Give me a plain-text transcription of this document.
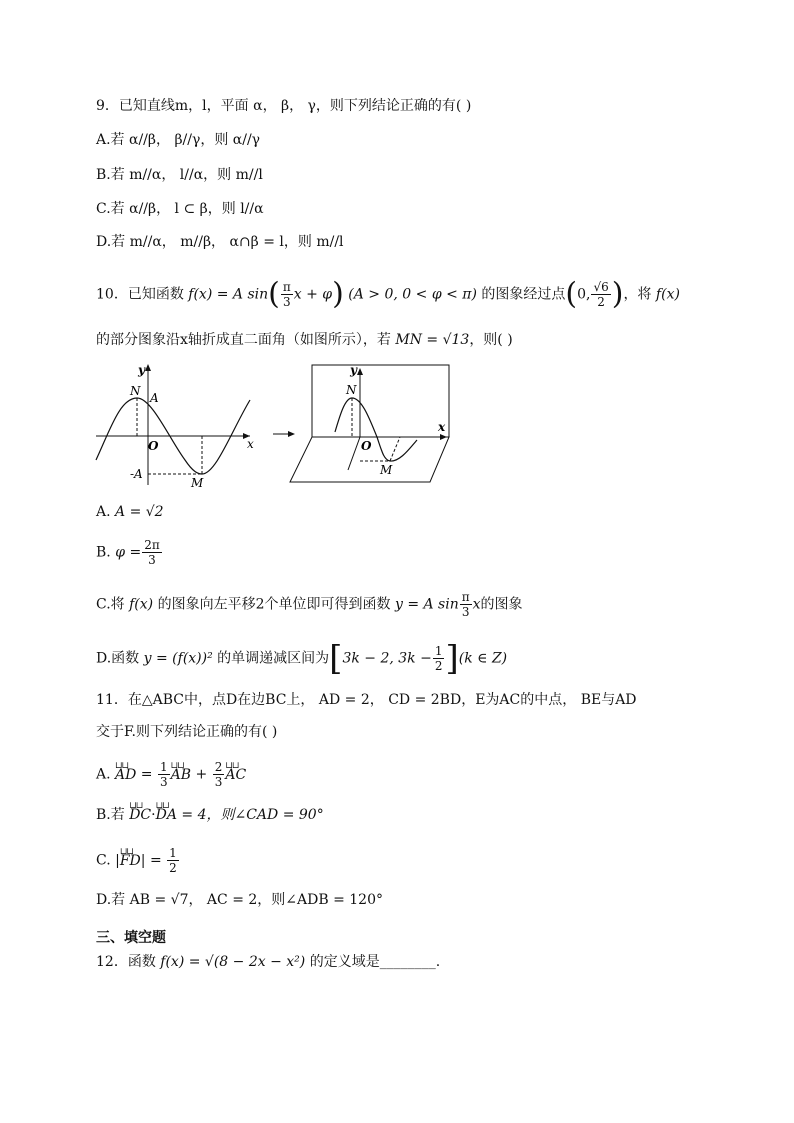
9．已知直线m，l，平面 α， β， γ，则下列结论正确的有( )
A.若 α//β， β//γ，则 α//γ
B.若 m//α， l//α，则 m//l
C.若 α//β， l ⊂ β，则 l//α
D.若 m//α， m//β， α∩β = l，则 m//l
10．已知函数 f(x) = A $\sin( \frac{\pi}{3}$ x + φ) (A > 0, 0 < φ < π) 的图象经过点(0, $\frac{√6}{2}$ )，将 f(x)
的部分图象沿x轴折成直二面角（如图所示），若 MN = √13，则( )
y
N A
O	x
-A
M
y
N
O
x
M
A. A = √2
B. $\varphi = \frac{2\pi}{3}$
C.将 f(x) 的图象向左平移2个单位即可得到函数 y = A $\sin \frac{\pi}{3}$ x的图象
D.函数 y = (f(x))² 的单调递减区间为[3k − 2, $3k - \frac{1}{2} ](k$ ∈ Z)
11．在△ABC中，点D在边BC上， AD = 2， CD = 2BD，E为AC的中点， BE与AD
交于F.则下列结论正确的有( )
A. ⊔⊔ AD = $\frac{1}{3}$ ⊔⊔ AB + $\frac{2}{3}$ ⊔⊔ AC
B.若 ⊔⊔ DC·⊔⊔ DA = 4，则∠CAD = 90°
C. |⊔⊔ $FD| = \frac{1}{2}$
D.若 AB = √7， AC = 2，则∠ADB = 120°
三、填空题
12．函数 f(x) = √(8 − 2x − x²) 的定义域是________.
